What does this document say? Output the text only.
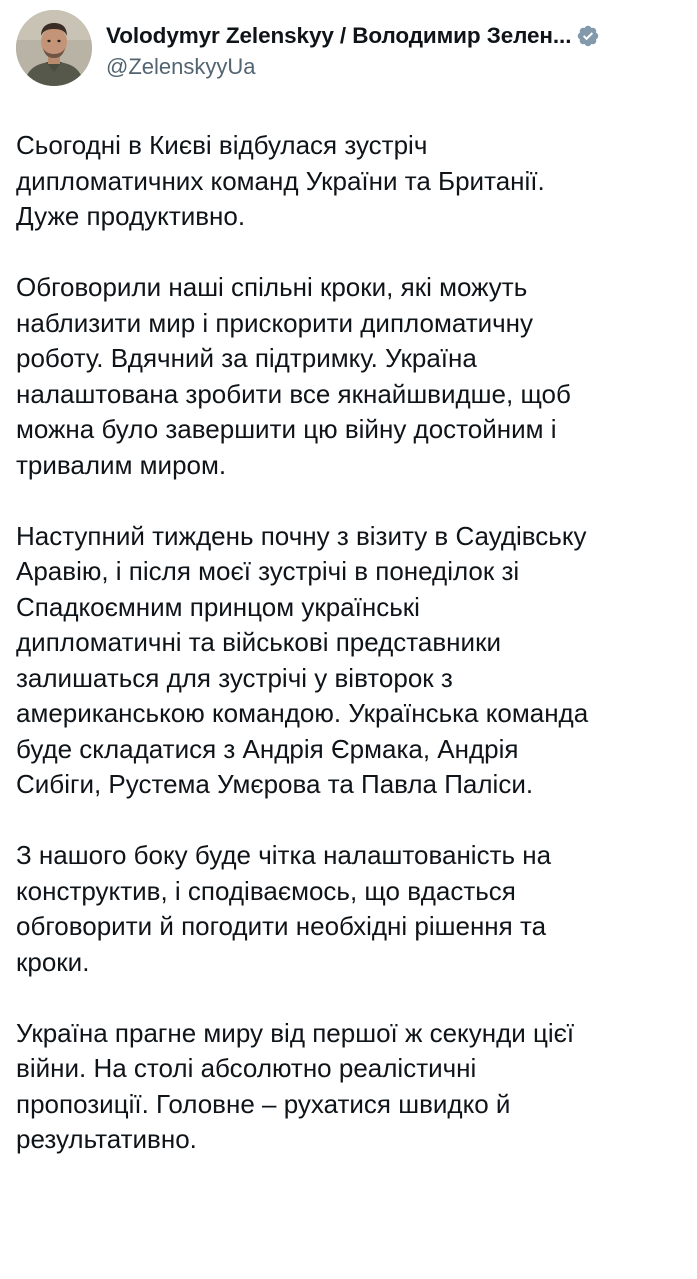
Volodymyr Zelenskyy / Володимир Зелен...
@ZelenskyyUa

Сьогодні в Києві відбулася зустріч
дипломатичних команд України та Британії.
Дуже продуктивно.

Обговорили наші спільні кроки, які можуть
наблизити мир і прискорити дипломатичну
роботу. Вдячний за підтримку. Україна
налаштована зробити все якнайшвидше, щоб
можна було завершити цю війну достойним і
тривалим миром.

Наступний тиждень почну з візиту в Саудівську
Аравію, і після моєї зустрічі в понеділок зі
Спадкоємним принцом українські
дипломатичні та військові представники
залишаться для зустрічі у вівторок з
американською командою. Українська команда
буде складатися з Андрія Єрмака, Андрія
Сибіги, Рустема Умєрова та Павла Паліси.

З нашого боку буде чітка налаштованість на
конструктив, і сподіваємось, що вдасться
обговорити й погодити необхідні рішення та
кроки.

Україна прагне миру від першої ж секунди цієї
війни. На столі абсолютно реалістичні
пропозиції. Головне – рухатися швидко й
результативно.
